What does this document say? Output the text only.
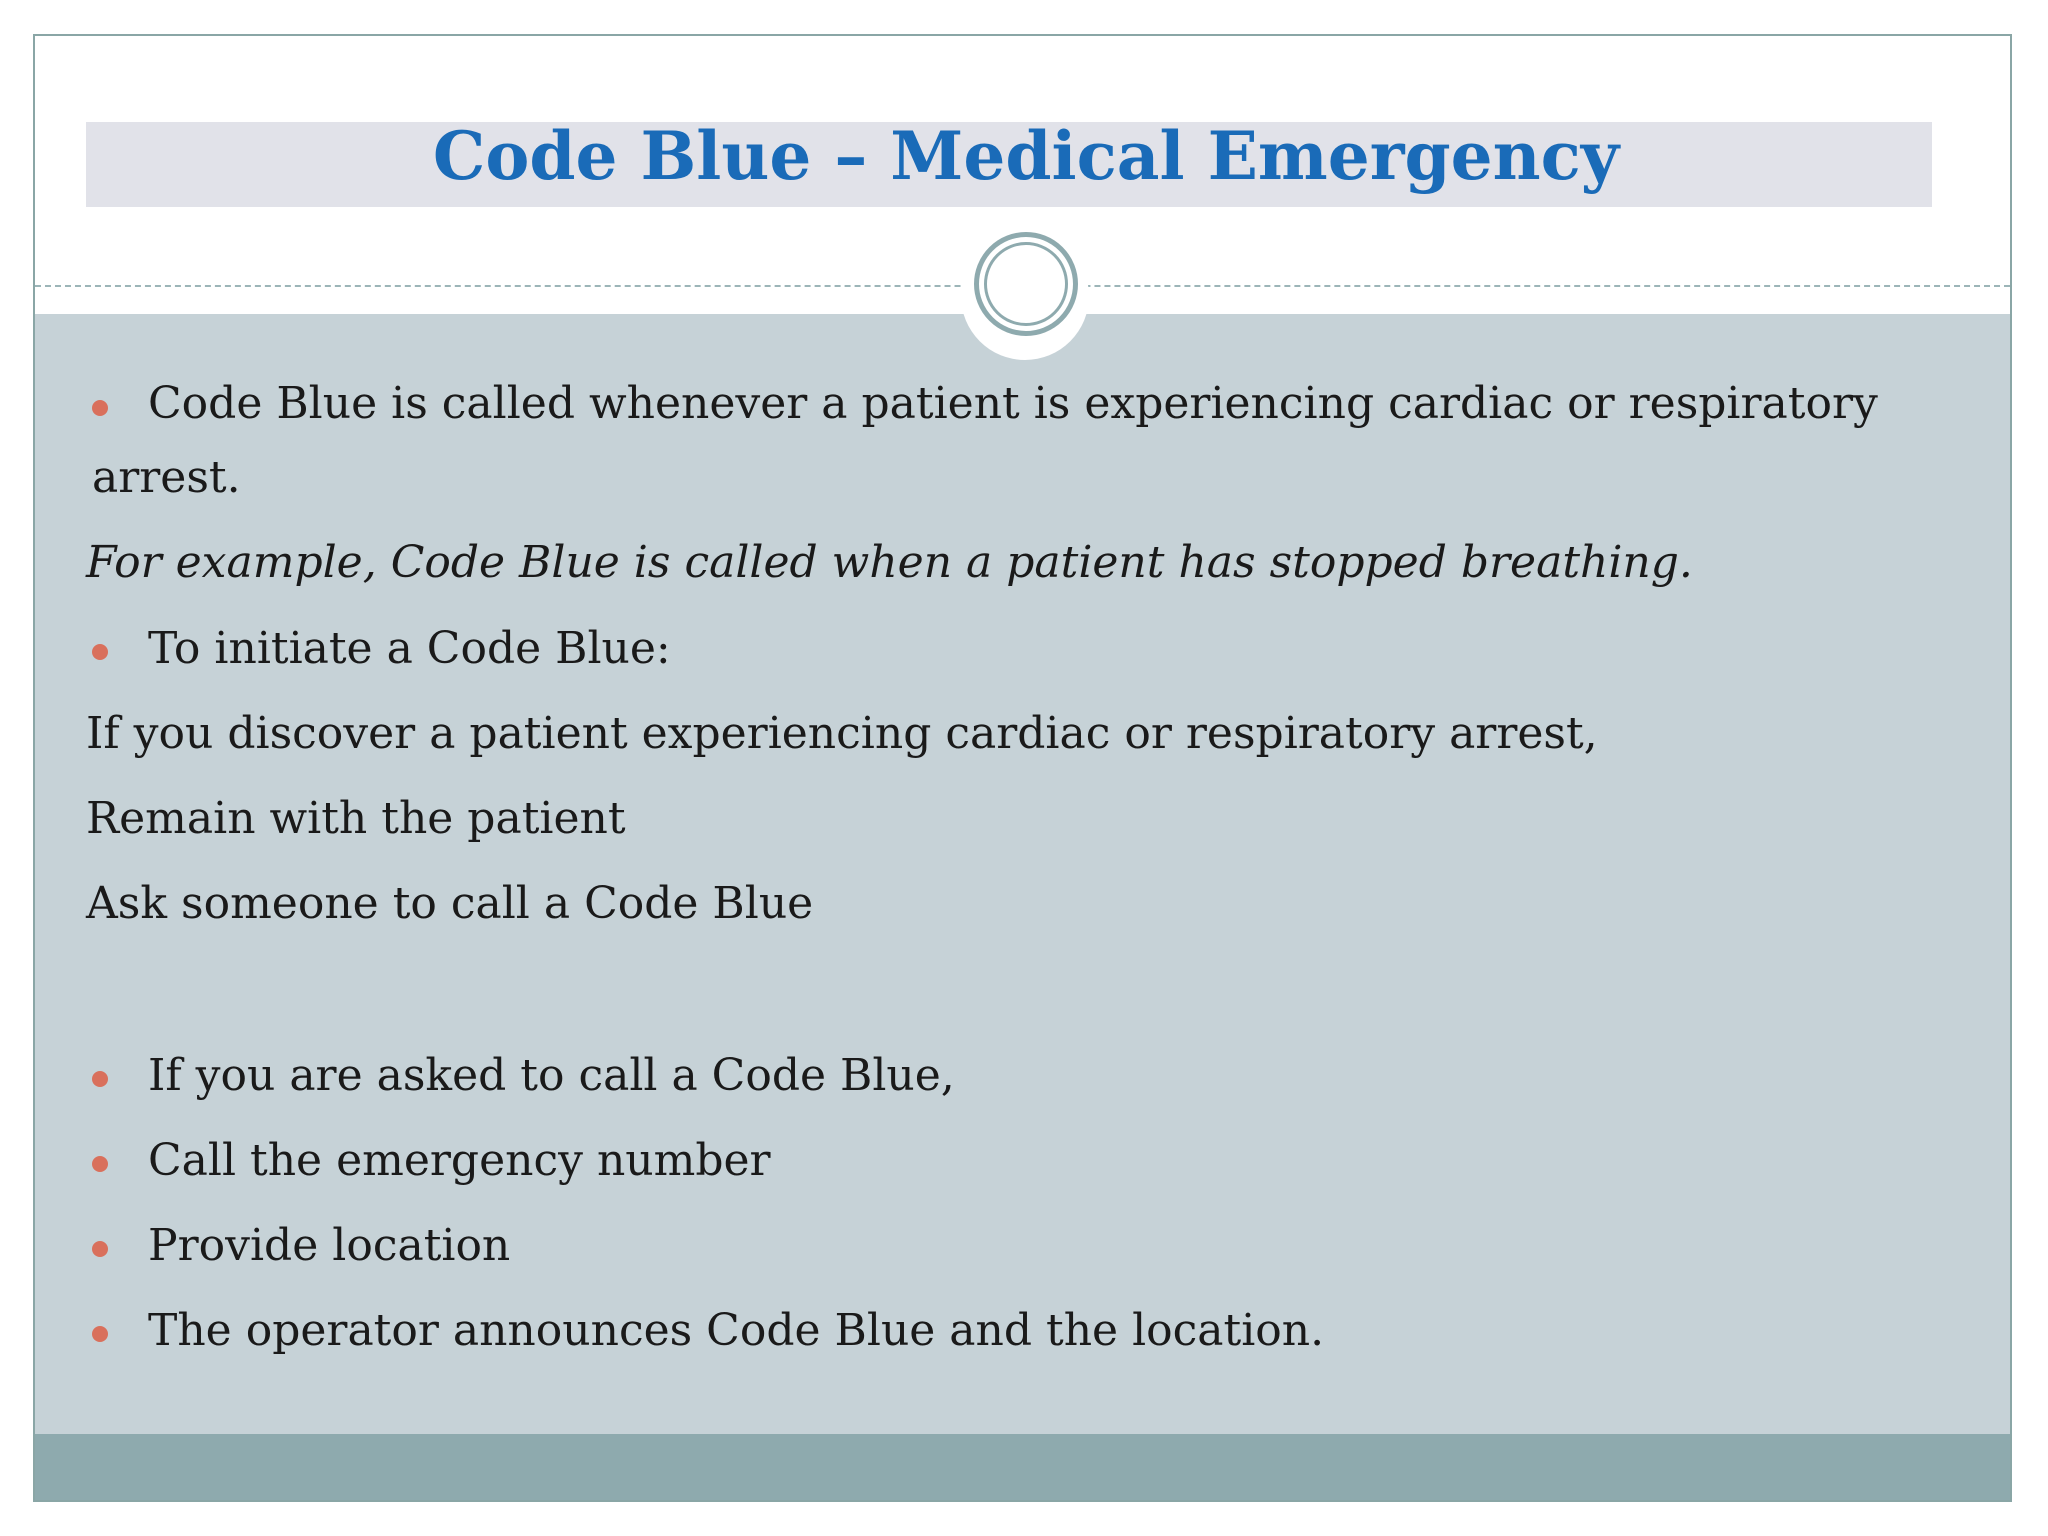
Code Blue – Medical Emergency
Code Blue is called whenever a patient is experiencing cardiac or respiratory
arrest.
For example, Code Blue is called when a patient has stopped breathing.
To initiate a Code Blue:
If you discover a patient experiencing cardiac or respiratory arrest,
Remain with the patient
Ask someone to call a Code Blue
If you are asked to call a Code Blue,
Call the emergency number
Provide location
The operator announces Code Blue and the location.
